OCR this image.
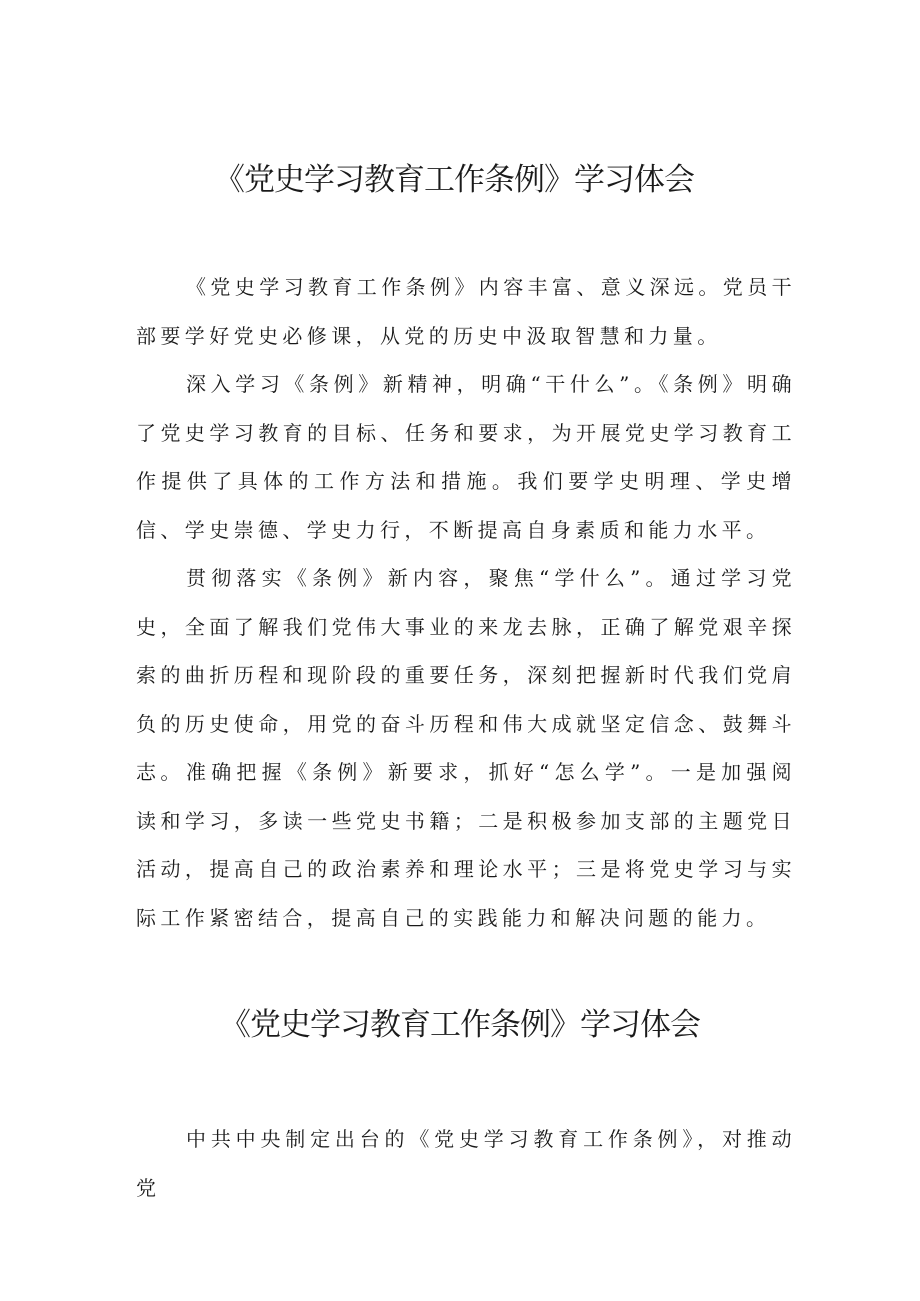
《党史学习教育工作条例》学习体会

《党史学习教育工作条例》内容丰富、意义深远。党员干部要学好党史必修课，从党的历史中汲取智慧和力量。

深入学习《条例》新精神，明确“干什么”。《条例》明确了党史学习教育的目标、任务和要求，为开展党史学习教育工作提供了具体的工作方法和措施。我们要学史明理、学史增信、学史崇德、学史力行，不断提高自身素质和能力水平。

贯彻落实《条例》新内容，聚焦“学什么”。通过学习党史，全面了解我们党伟大事业的来龙去脉，正确了解党艰辛探索的曲折历程和现阶段的重要任务，深刻把握新时代我们党肩负的历史使命，用党的奋斗历程和伟大成就坚定信念、鼓舞斗志。 准确把握《条例》新要求，抓好“怎么学”。一是加强阅读和学习，多读一些党史书籍；二是积极参加支部的主题党日活动，提高自己的政治素养和理论水平；三是将党史学习与实际工作紧密结合，提高自己的实践能力和解决问题的能力。

《党史学习教育工作条例》学习体会

中共中央制定出台的《党史学习教育工作条例》，对推动党
